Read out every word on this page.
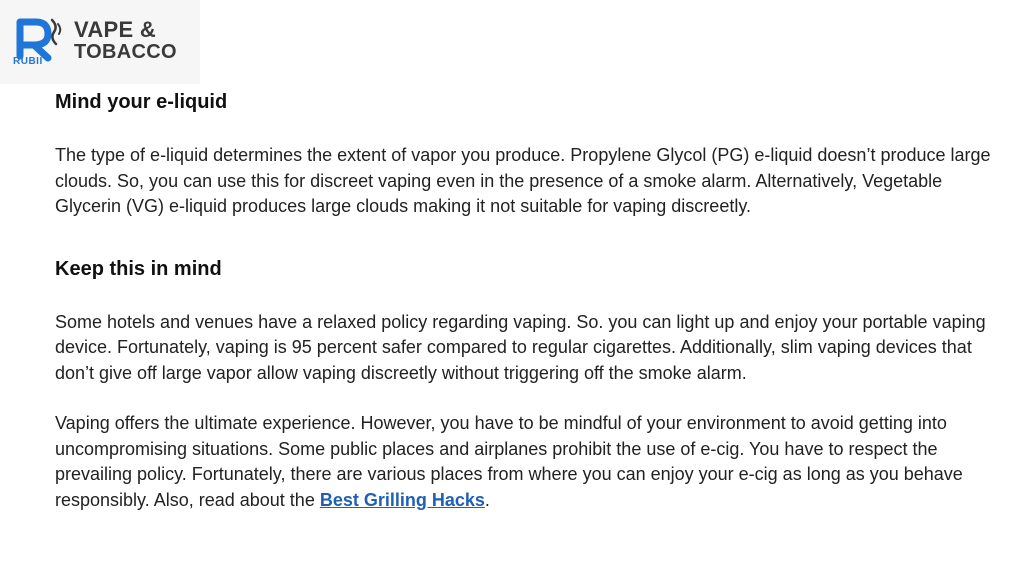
RUBII
VAPE &
TOBACCO
Mind your e-liquid

The type of e-liquid determines the extent of vapor you produce. Propylene Glycol (PG) e-liquid doesn’t produce large clouds. So, you can use this for discreet vaping even in the presence of a smoke alarm. Alternatively, Vegetable Glycerin (VG) e-liquid produces large clouds making it not suitable for vaping discreetly.

Keep this in mind

Some hotels and venues have a relaxed policy regarding vaping. So. you can light up and enjoy your portable vaping device. Fortunately, vaping is 95 percent safer compared to regular cigarettes. Additionally, slim vaping devices that don’t give off large vapor allow vaping discreetly without triggering off the smoke alarm.

Vaping offers the ultimate experience. However, you have to be mindful of your environment to avoid getting into uncompromising situations. Some public places and airplanes prohibit the use of e-cig. You have to respect the prevailing policy. Fortunately, there are various places from where you can enjoy your e-cig as long as you behave responsibly. Also, read about the Best Grilling Hacks.
